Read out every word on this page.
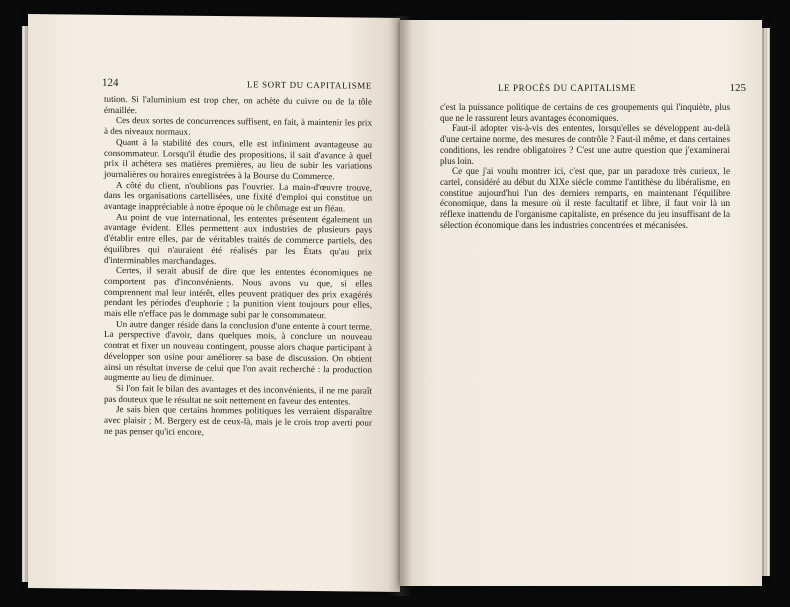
124	LE SORT DU CAPITALISME

tution. Si l'aluminium est trop cher, on achète du cuivre ou de la tôle émaillée.

Ces deux sortes de concurrences suffisent, en fait, à maintenir les prix à des niveaux normaux.

Quant à la stabilité des cours, elle est infiniment avantageuse au consommateur. Lorsqu'il étudie des propositions, il sait d'avance à quel prix il achètera ses matières premières, au lieu de subir les variations journalières ou horaires enregistrées à la Bourse du Commerce.

A côté du client, n'oublions pas l'ouvrier. La main-d'œuvre trouve, dans les organisations cartellisées, une fixité d'emploi qui constitue un avantage inappréciable à notre époque où le chômage est un fléau.

Au point de vue international, les ententes présentent également un avantage évident. Elles permettent aux industries de plusieurs pays d'établir entre elles, par de véritables traités de commerce partiels, des équilibres qui n'auraient été réalisés par les États qu'au prix d'interminables marchandages.

Certes, il serait abusif de dire que les ententes économiques ne comportent pas d'inconvénients. Nous avons vu que, si elles comprennent mal leur intérêt, elles peuvent pratiquer des prix exagérés pendant les périodes d'euphorie ; la punition vient toujours pour elles, mais elle n'efface pas le dommage subi par le consommateur.

Un autre danger réside dans la conclusion d'une entente à court terme. La perspective d'avoir, dans quelques mois, à conclure un nouveau contrat et fixer un nouveau contingent, pousse alors chaque participant à développer son usine pour améliorer sa base de discussion. On obtient ainsi un résultat inverse de celui que l'on avait recherché : la production augmente au lieu de diminuer.

Si l'on fait le bilan des avantages et des inconvénients, il ne me paraît pas douteux que le résultat ne soit nettement en faveur des ententes.

Je sais bien que certains hommes politiques les verraient disparaître avec plaisir ; M. Bergery est de ceux-là, mais je le crois trop averti pour ne pas penser qu'ici encore,

LE PROCÈS DU CAPITALISME	125

c'est la puissance politique de certains de ces groupements qui l'inquiète, plus que ne le rassurent leurs avantages économiques.

Faut-il adopter vis-à-vis des ententes, lorsqu'elles se développent au-delà d'une certaine norme, des mesures de contrôle ? Faut-il même, et dans certaines conditions, les rendre obligatoires ? C'est une autre question que j'examinerai plus loin.

Ce que j'ai voulu montrer ici, c'est que, par un paradoxe très curieux, le cartel, considéré au début du XIXe siècle comme l'antithèse du libéralisme, en constitue aujourd'hui l'un des derniers remparts, en maintenant l'équilibre économique, dans la mesure où il reste facultatif et libre, il faut voir là un réflexe inattendu de l'organisme capitaliste, en présence du jeu insuffisant de la sélection économique dans les industries concentrées et mécanisées.
